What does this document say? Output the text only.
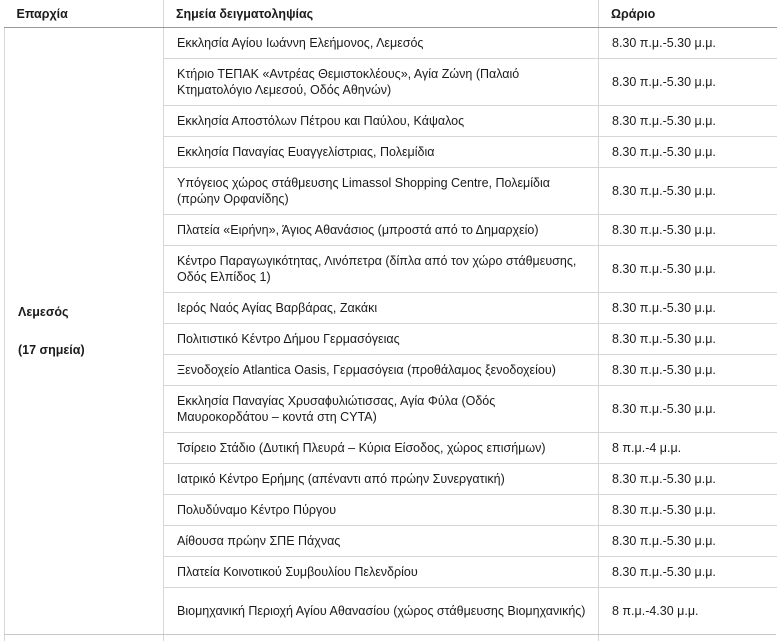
Επαρχία	Σημεία δειγματοληψίας	Ωράριο
Λεμεσός
(17 σημεία)	Εκκλησία Αγίου Ιωάννη Ελεήμονος, Λεμεσός	8.30 π.μ.-5.30 μ.μ.
	Κτήριο ΤΕΠΑΚ «Αντρέας Θεμιστοκλέους», Αγία Ζώνη (Παλαιό Κτηματολόγιο Λεμεσού, Οδός Αθηνών)	8.30 π.μ.-5.30 μ.μ.
	Εκκλησία Αποστόλων Πέτρου και Παύλου, Κάψαλος	8.30 π.μ.-5.30 μ.μ.
	Εκκλησία Παναγίας Ευαγγελίστριας, Πολεμίδια	8.30 π.μ.-5.30 μ.μ.
	Υπόγειος χώρος στάθμευσης Limassol Shopping Centre, Πολεμίδια (πρώην Ορφανίδης)	8.30 π.μ.-5.30 μ.μ.
	Πλατεία «Ειρήνη», Άγιος Αθανάσιος (μπροστά από το Δημαρχείο)	8.30 π.μ.-5.30 μ.μ.
	Κέντρο Παραγωγικότητας, Λινόπετρα (δίπλα από τον χώρο στάθμευσης, Οδός Ελπίδος 1)	8.30 π.μ.-5.30 μ.μ.
	Ιερός Ναός Αγίας Βαρβάρας, Ζακάκι	8.30 π.μ.-5.30 μ.μ.
	Πολιτιστικό Κέντρο Δήμου Γερμασόγειας	8.30 π.μ.-5.30 μ.μ.
	Ξενοδοχείο Atlantica Oasis, Γερμασόγεια (προθάλαμος ξενοδοχείου)	8.30 π.μ.-5.30 μ.μ.
	Εκκλησία Παναγίας Χρυσαϕυλιώτισσας, Αγία Φύλα (Οδός Μαυροκορδάτου – κοντά στη CYTA)	8.30 π.μ.-5.30 μ.μ.
	Τσίρειο Στάδιο (Δυτική Πλευρά – Κύρια Είσοδος, χώρος επισήμων)	8 π.μ.-4 μ.μ.
	Ιατρικό Κέντρο Ερήμης (απέναντι από πρώην Συνεργατική)	8.30 π.μ.-5.30 μ.μ.
	Πολυδύναμο Κέντρο Πύργου	8.30 π.μ.-5.30 μ.μ.
	Αίθουσα πρώην ΣΠΕ Πάχνας	8.30 π.μ.-5.30 μ.μ.
	Πλατεία Κοινοτικού Συμβουλίου Πελενδρίου	8.30 π.μ.-5.30 μ.μ.
	Βιομηχανική Περιοχή Αγίου Αθανασίου (χώρος στάθμευσης Βιομηχανικής)	8 π.μ.-4.30 μ.μ.
